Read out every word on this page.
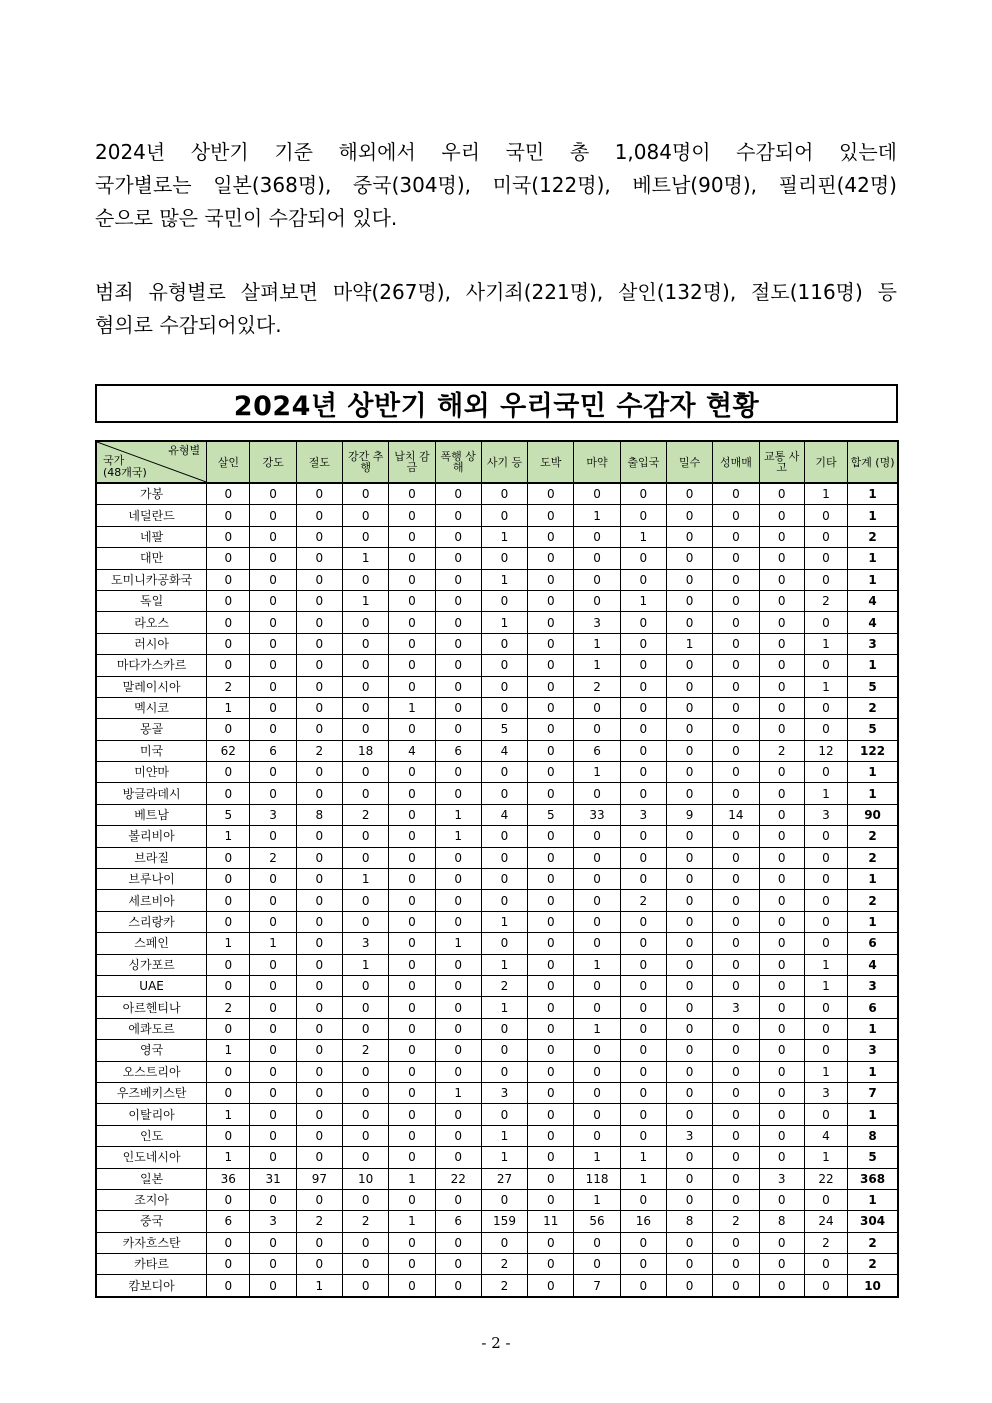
2024년 상반기 기준 해외에서 우리 국민 총 1,084명이 수감되어 있는데
국가별로는 일본(368명), 중국(304명), 미국(122명), 베트남(90명), 필리핀(42명)
순으로 많은 국민이 수감되어 있다.
범죄 유형별로 살펴보면 마약(267명), 사기죄(221명), 살인(132명), 절도(116명) 등
혐의로 수감되어있다.
2024년 상반기 해외 우리국민 수감자 현황
유형별
국가
(48개국)	살인	강도	절도	강간 추행	납치 감금	폭행 상해	사기 등	도박	마약	출입국	밀수	성매매	교통 사고	기타	합계 (명)
가봉	0	0	0	0	0	0	0	0	0	0	0	0	0	1	1
네덜란드	0	0	0	0	0	0	0	0	1	0	0	0	0	0	1
네팔	0	0	0	0	0	0	1	0	0	1	0	0	0	0	2
대만	0	0	0	1	0	0	0	0	0	0	0	0	0	0	1
도미니카공화국	0	0	0	0	0	0	1	0	0	0	0	0	0	0	1
독일	0	0	0	1	0	0	0	0	0	1	0	0	0	2	4
라오스	0	0	0	0	0	0	1	0	3	0	0	0	0	0	4
러시아	0	0	0	0	0	0	0	0	1	0	1	0	0	1	3
마다가스카르	0	0	0	0	0	0	0	0	1	0	0	0	0	0	1
말레이시아	2	0	0	0	0	0	0	0	2	0	0	0	0	1	5
멕시코	1	0	0	0	1	0	0	0	0	0	0	0	0	0	2
몽골	0	0	0	0	0	0	5	0	0	0	0	0	0	0	5
미국	62	6	2	18	4	6	4	0	6	0	0	0	2	12	122
미얀마	0	0	0	0	0	0	0	0	1	0	0	0	0	0	1
방글라데시	0	0	0	0	0	0	0	0	0	0	0	0	0	1	1
베트남	5	3	8	2	0	1	4	5	33	3	9	14	0	3	90
볼리비아	1	0	0	0	0	1	0	0	0	0	0	0	0	0	2
브라질	0	2	0	0	0	0	0	0	0	0	0	0	0	0	2
브루나이	0	0	0	1	0	0	0	0	0	0	0	0	0	0	1
세르비아	0	0	0	0	0	0	0	0	0	2	0	0	0	0	2
스리랑카	0	0	0	0	0	0	1	0	0	0	0	0	0	0	1
스페인	1	1	0	3	0	1	0	0	0	0	0	0	0	0	6
싱가포르	0	0	0	1	0	0	1	0	1	0	0	0	0	1	4
UAE	0	0	0	0	0	0	2	0	0	0	0	0	0	1	3
아르헨티나	2	0	0	0	0	0	1	0	0	0	0	3	0	0	6
에콰도르	0	0	0	0	0	0	0	0	1	0	0	0	0	0	1
영국	1	0	0	2	0	0	0	0	0	0	0	0	0	0	3
오스트리아	0	0	0	0	0	0	0	0	0	0	0	0	0	1	1
우즈베키스탄	0	0	0	0	0	1	3	0	0	0	0	0	0	3	7
이탈리아	1	0	0	0	0	0	0	0	0	0	0	0	0	0	1
인도	0	0	0	0	0	0	1	0	0	0	3	0	0	4	8
인도네시아	1	0	0	0	0	0	1	0	1	1	0	0	0	1	5
일본	36	31	97	10	1	22	27	0	118	1	0	0	3	22	368
조지아	0	0	0	0	0	0	0	0	1	0	0	0	0	0	1
중국	6	3	2	2	1	6	159	11	56	16	8	2	8	24	304
카자흐스탄	0	0	0	0	0	0	0	0	0	0	0	0	0	2	2
카타르	0	0	0	0	0	0	2	0	0	0	0	0	0	0	2
캄보디아	0	0	1	0	0	0	2	0	7	0	0	0	0	0	10
- 2 -
